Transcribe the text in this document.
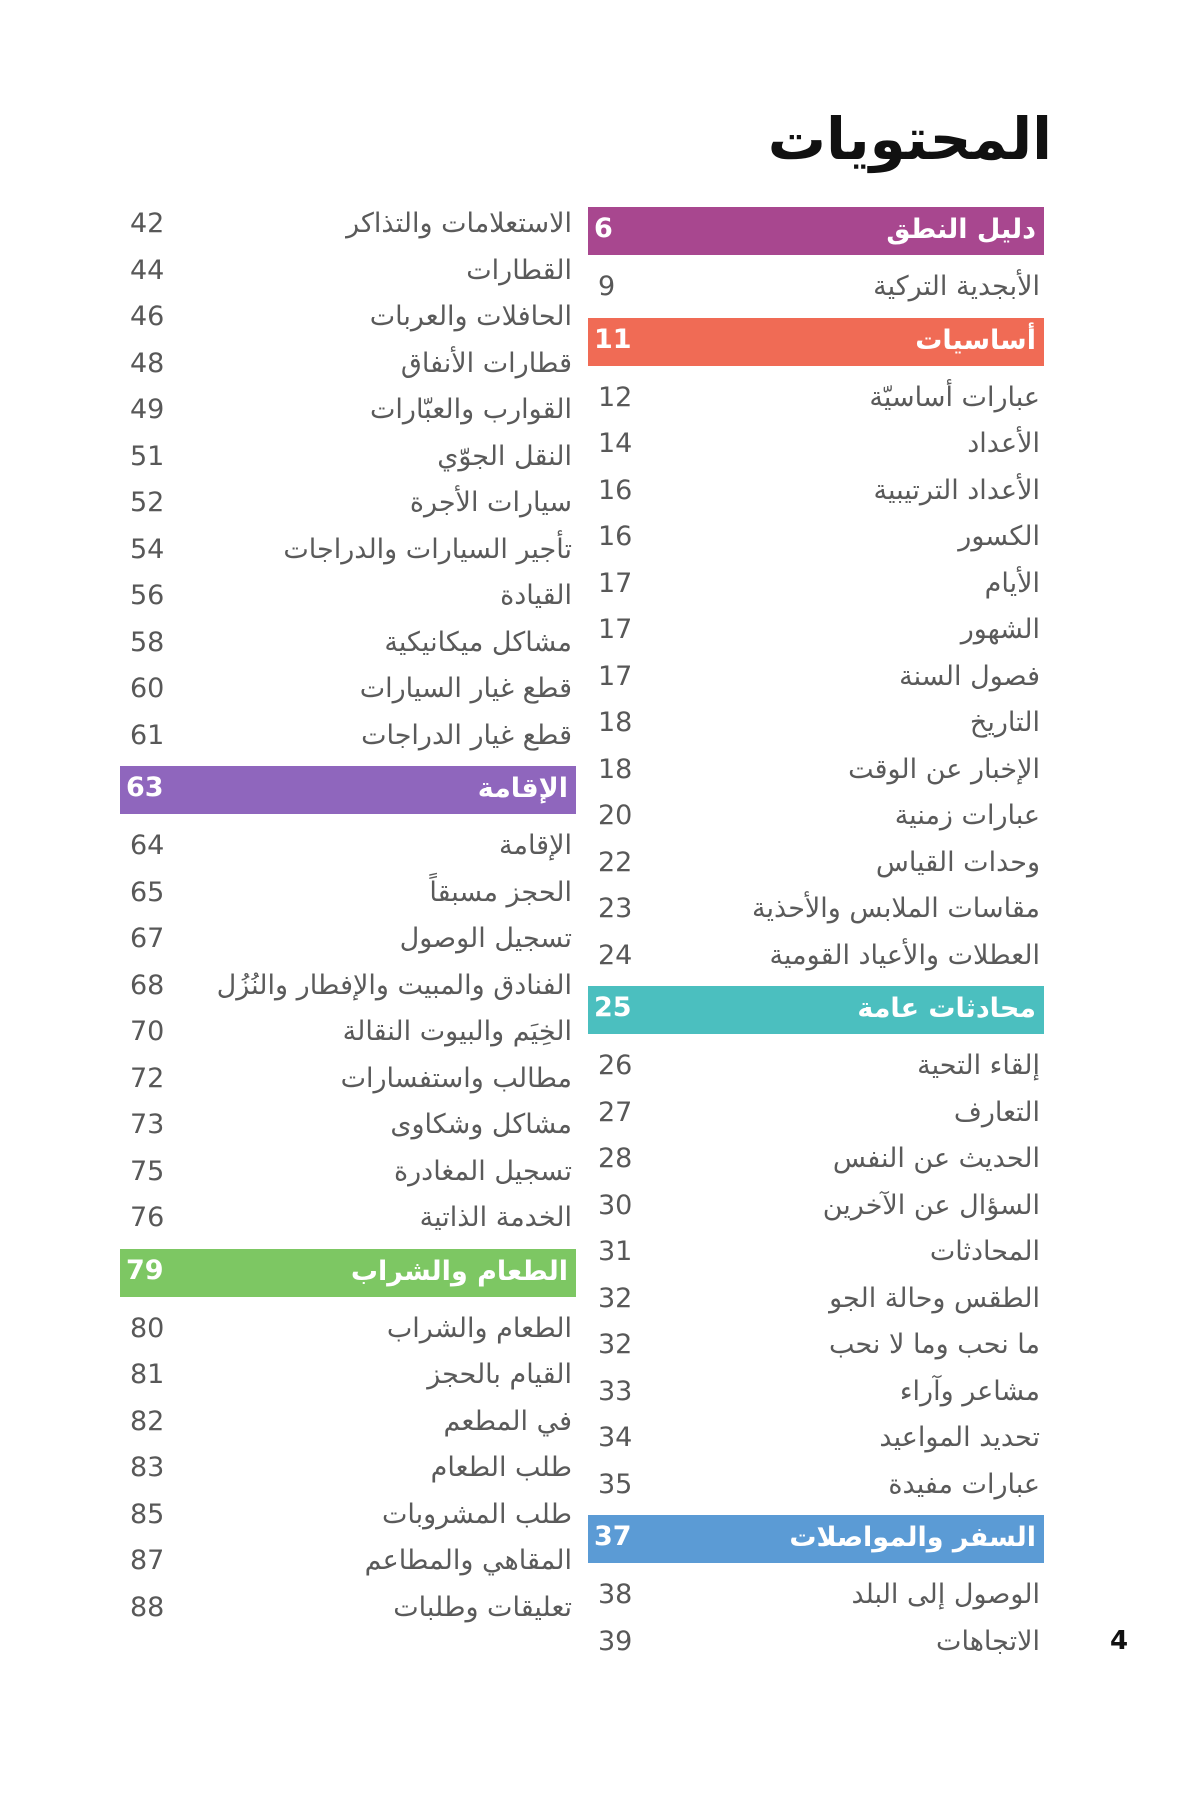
المحتويات
دليل النطق
6
الأبجدية التركية
9
أساسيات
11
عبارات أساسيّة
12
الأعداد
14
الأعداد الترتيبية
16
الكسور
16
الأيام
17
الشهور
17
فصول السنة
17
التاريخ
18
الإخبار عن الوقت
18
عبارات زمنية
20
وحدات القياس
22
مقاسات الملابس والأحذية
23
العطلات والأعياد القومية
24
محادثات عامة
25
إلقاء التحية
26
التعارف
27
الحديث عن النفس
28
السؤال عن الآخرين
30
المحادثات
31
الطقس وحالة الجو
32
ما نحب وما لا نحب
32
مشاعر وآراء
33
تحديد المواعيد
34
عبارات مفيدة
35
السفر والمواصلات
37
الوصول إلى البلد
38
الاتجاهات
39
الاستعلامات والتذاكر
42
القطارات
44
الحافلات والعربات
46
قطارات الأنفاق
48
القوارب والعبّارات
49
النقل الجوّي
51
سيارات الأجرة
52
تأجير السيارات والدراجات
54
القيادة
56
مشاكل ميكانيكية
58
قطع غيار السيارات
60
قطع غيار الدراجات
61
الإقامة
63
الإقامة
64
الحجز مسبقاً
65
تسجيل الوصول
67
الفنادق والمبيت والإفطار والنُزُل
68
الخِيَم والبيوت النقالة
70
مطالب واستفسارات
72
مشاكل وشكاوى
73
تسجيل المغادرة
75
الخدمة الذاتية
76
الطعام والشراب
79
الطعام والشراب
80
القيام بالحجز
81
في المطعم
82
طلب الطعام
83
طلب المشروبات
85
المقاهي والمطاعم
87
تعليقات وطلبات
88
4
